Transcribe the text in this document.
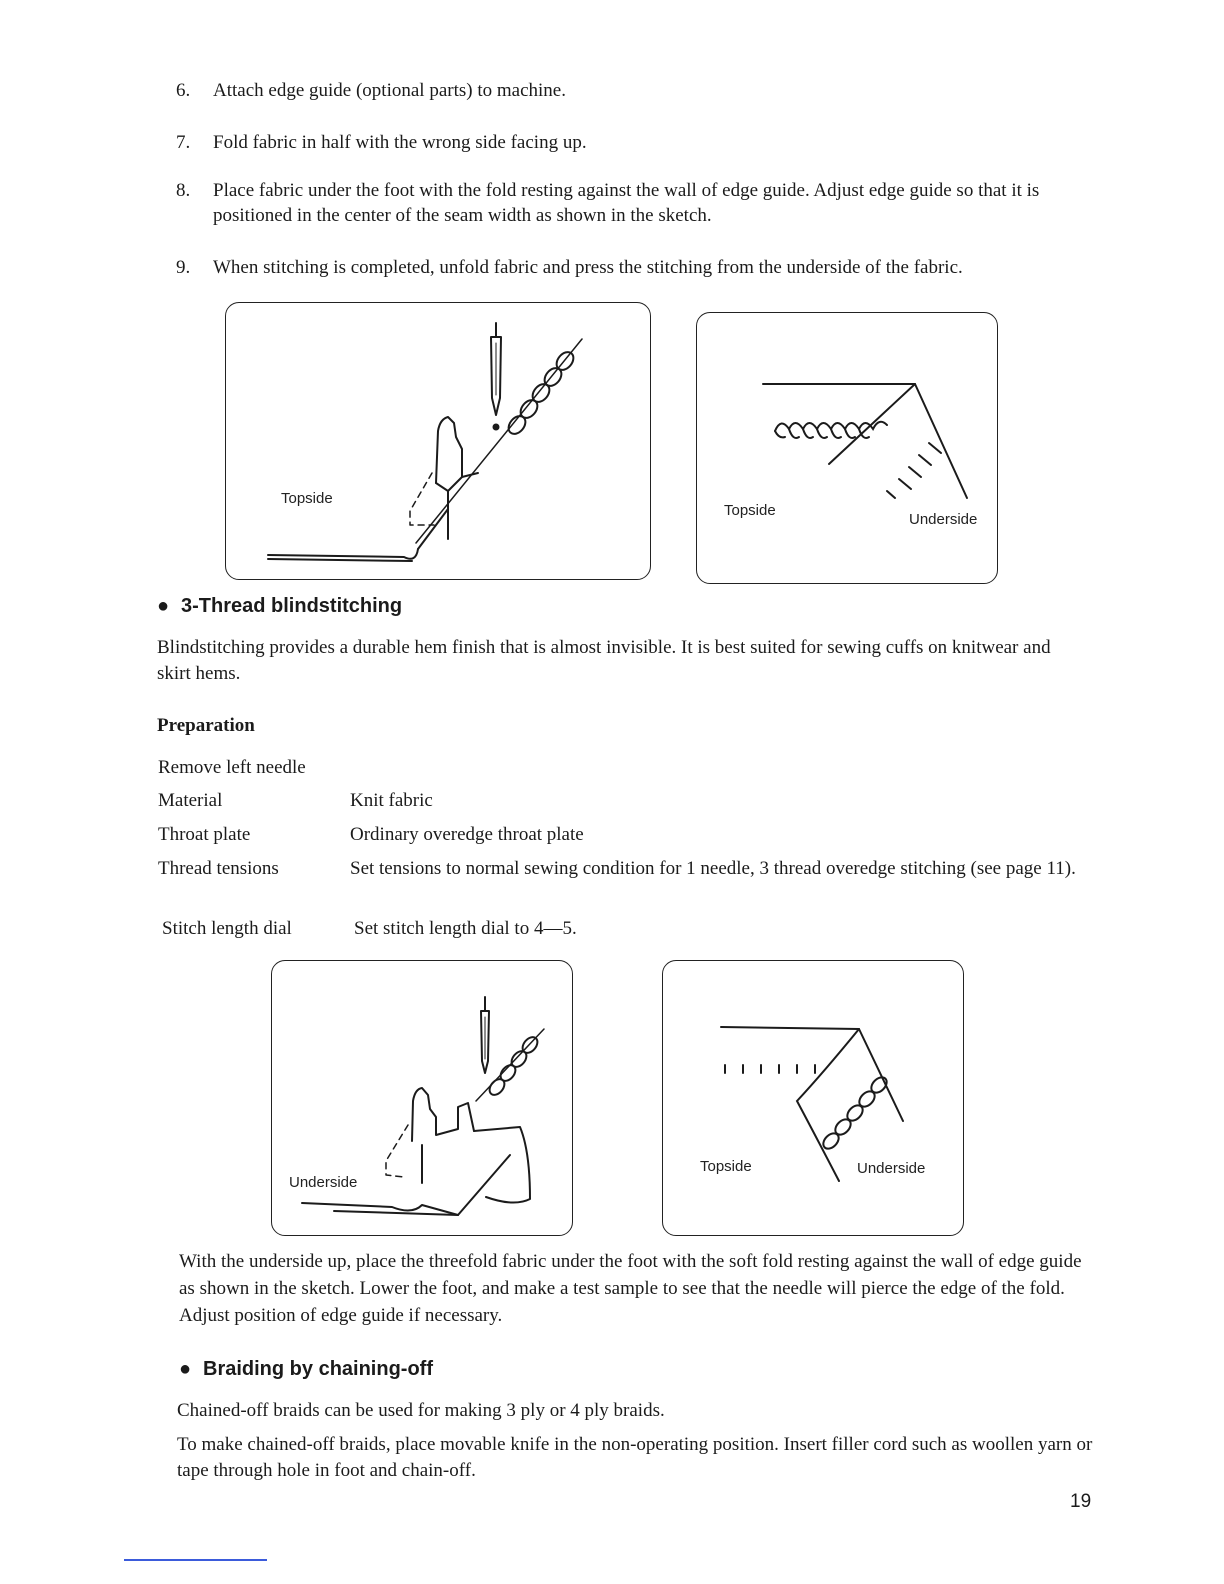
6.	Attach edge guide (optional parts) to machine.
7.	Fold fabric in half with the wrong side facing up.
8.	Place fabric under the foot with the fold resting against the wall of edge guide. Adjust edge guide so that it is positioned in the center of the seam width as shown in the sketch.
9.	When stitching is completed, unfold fabric and press the stitching from the underside of the fabric.
Topside
Topside
Underside
● 3-Thread blindstitching
Blindstitching provides a durable hem finish that is almost invisible. It is best suited for sewing cuffs on knitwear and skirt hems.
Preparation
Remove left needle
Material	Knit fabric
Throat plate	Ordinary overedge throat plate
Thread tensions	Set tensions to normal sewing condition for 1 needle, 3 thread overedge stitching (see page 11).
Stitch length dial	Set stitch length dial to 4—5.
Underside
Topside	Underside
With the underside up, place the threefold fabric under the foot with the soft fold resting against the wall of edge guide as shown in the sketch. Lower the foot, and make a test sample to see that the needle will pierce the edge of the fold. Adjust position of edge guide if necessary.
● Braiding by chaining-off
Chained-off braids can be used for making 3 ply or 4 ply braids.
To make chained-off braids, place movable knife in the non-operating position. Insert filler cord such as woollen yarn or tape through hole in foot and chain-off.
19
